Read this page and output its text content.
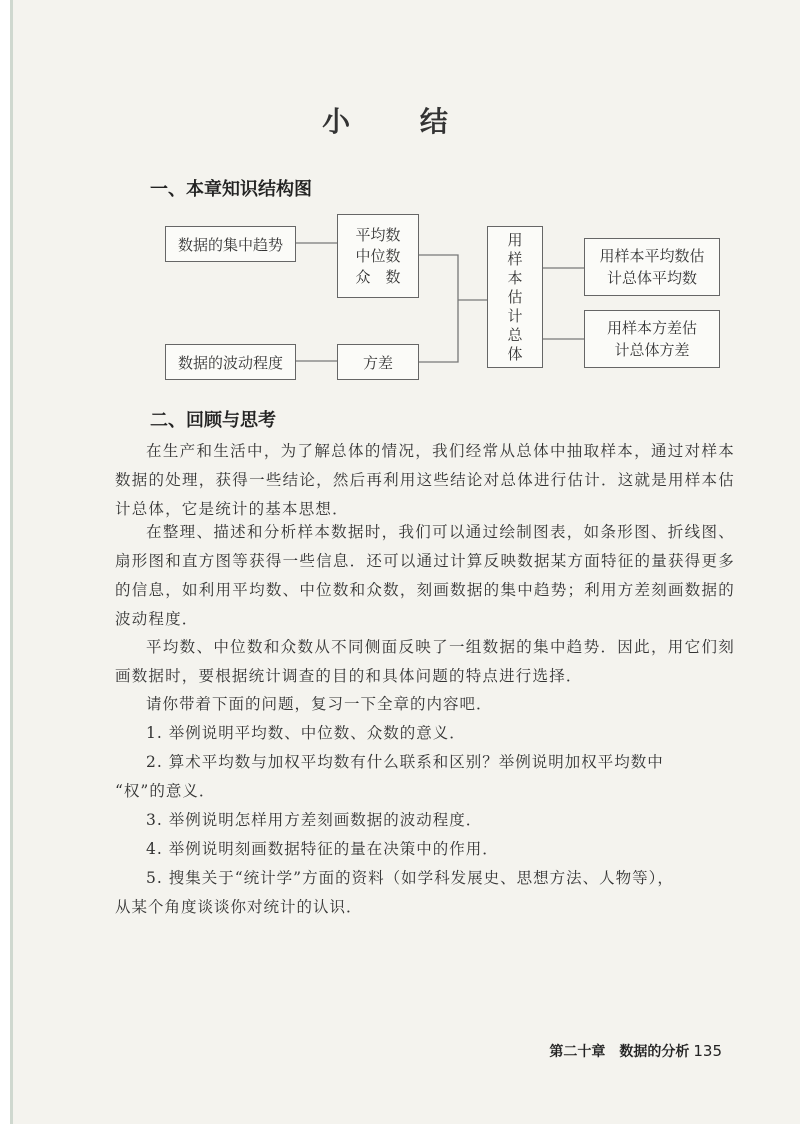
小 结
一、本章知识结构图
数据的集中趋势
平均数
中位数
众　数
数据的波动程度	方差
用
样
本
估
计
总
体
用样本平均数估
计总体平均数
用样本方差估
计总体方差
二、回顾与思考
在生产和生活中，为了解总体的情况，我们经常从总体中抽取样本，通过对样本数据的处理，获得一些结论，然后再利用这些结论对总体进行估计．这就是用样本估计总体，它是统计的基本思想．
在整理、描述和分析样本数据时，我们可以通过绘制图表，如条形图、折线图、扇形图和直方图等获得一些信息．还可以通过计算反映数据某方面特征的量获得更多的信息，如利用平均数、中位数和众数，刻画数据的集中趋势；利用方差刻画数据的波动程度．
平均数、中位数和众数从不同侧面反映了一组数据的集中趋势．因此，用它们刻画数据时，要根据统计调查的目的和具体问题的特点进行选择．
请你带着下面的问题，复习一下全章的内容吧．
1. 举例说明平均数、中位数、众数的意义．
2. 算术平均数与加权平均数有什么联系和区别？举例说明加权平均数中
“权”的意义．
3. 举例说明怎样用方差刻画数据的波动程度．
4. 举例说明刻画数据特征的量在决策中的作用．
5. 搜集关于“统计学”方面的资料（如学科发展史、思想方法、人物等），
从某个角度谈谈你对统计的认识．
第二十章　数据的分析 135
